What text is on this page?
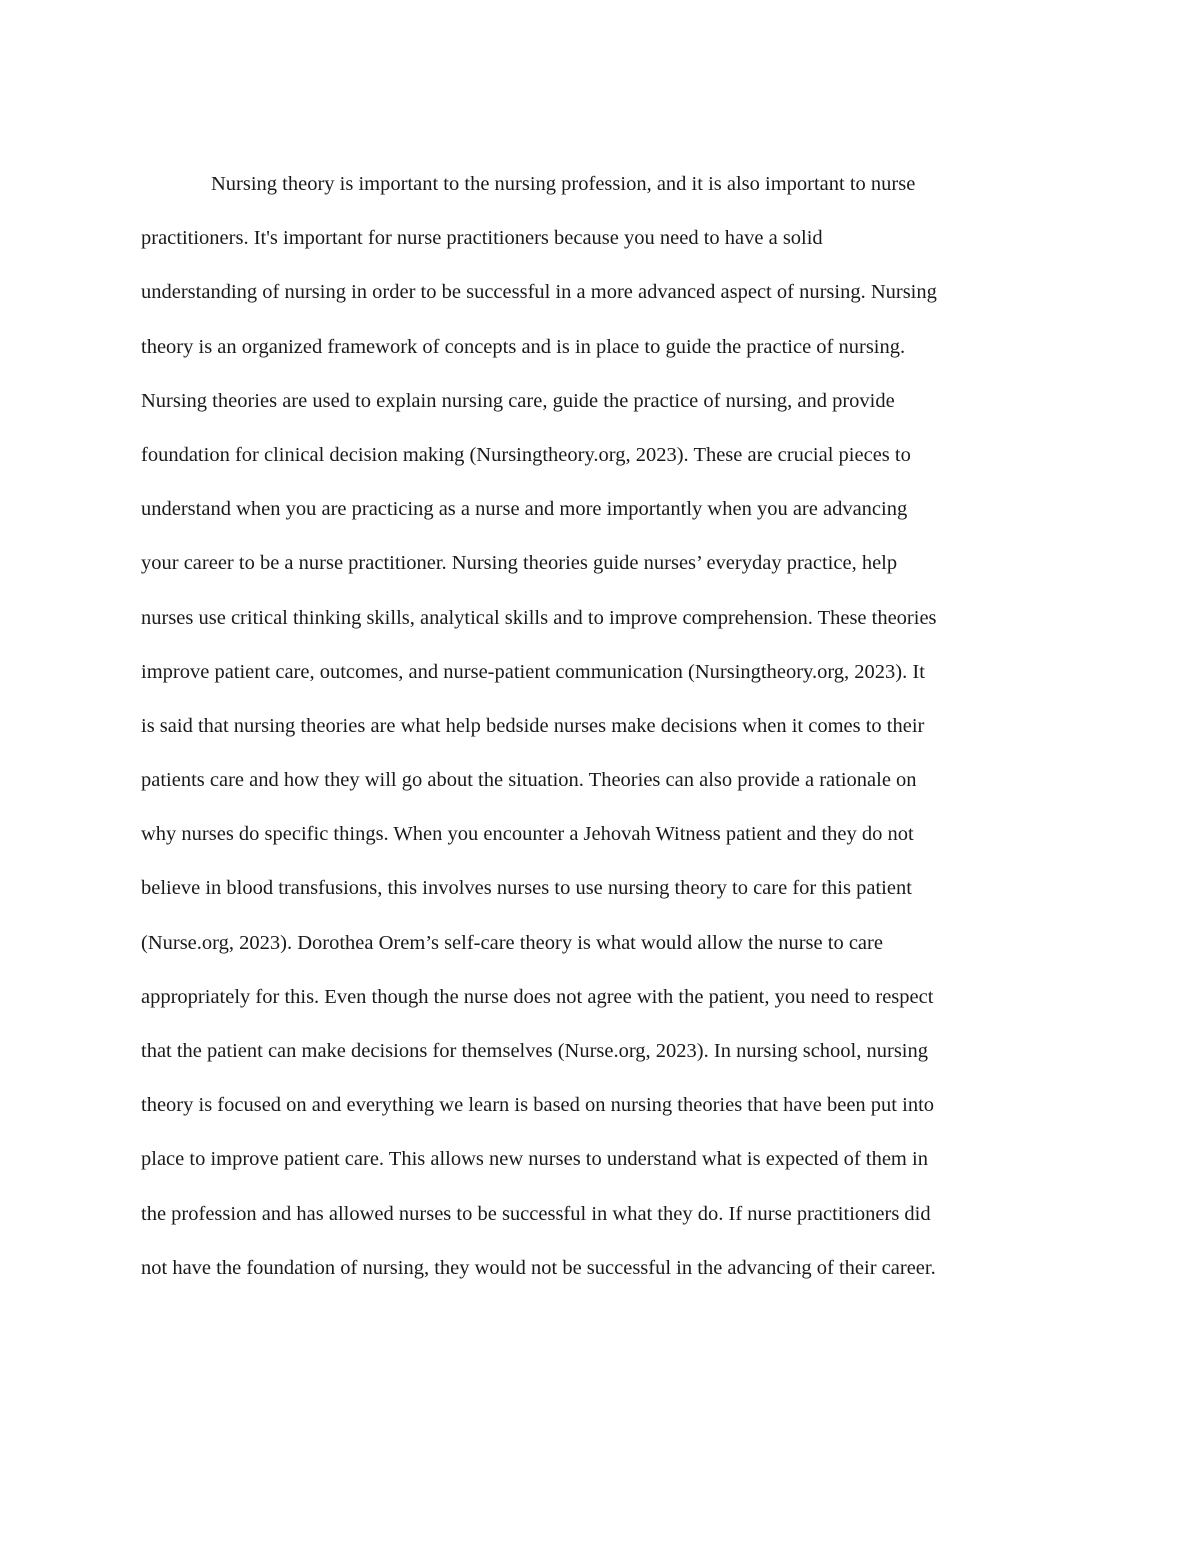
Nursing theory is important to the nursing profession, and it is also important to nurse
practitioners. It's important for nurse practitioners because you need to have a solid
understanding of nursing in order to be successful in a more advanced aspect of nursing. Nursing
theory is an organized framework of concepts and is in place to guide the practice of nursing.
Nursing theories are used to explain nursing care, guide the practice of nursing, and provide
foundation for clinical decision making (Nursingtheory.org, 2023). These are crucial pieces to
understand when you are practicing as a nurse and more importantly when you are advancing
your career to be a nurse practitioner. Nursing theories guide nurses’ everyday practice, help
nurses use critical thinking skills, analytical skills and to improve comprehension. These theories
improve patient care, outcomes, and nurse-patient communication (Nursingtheory.org, 2023). It
is said that nursing theories are what help bedside nurses make decisions when it comes to their
patients care and how they will go about the situation. Theories can also provide a rationale on
why nurses do specific things. When you encounter a Jehovah Witness patient and they do not
believe in blood transfusions, this involves nurses to use nursing theory to care for this patient
(Nurse.org, 2023). Dorothea Orem’s self-care theory is what would allow the nurse to care
appropriately for this. Even though the nurse does not agree with the patient, you need to respect
that the patient can make decisions for themselves (Nurse.org, 2023). In nursing school, nursing
theory is focused on and everything we learn is based on nursing theories that have been put into
place to improve patient care. This allows new nurses to understand what is expected of them in
the profession and has allowed nurses to be successful in what they do. If nurse practitioners did
not have the foundation of nursing, they would not be successful in the advancing of their career.
